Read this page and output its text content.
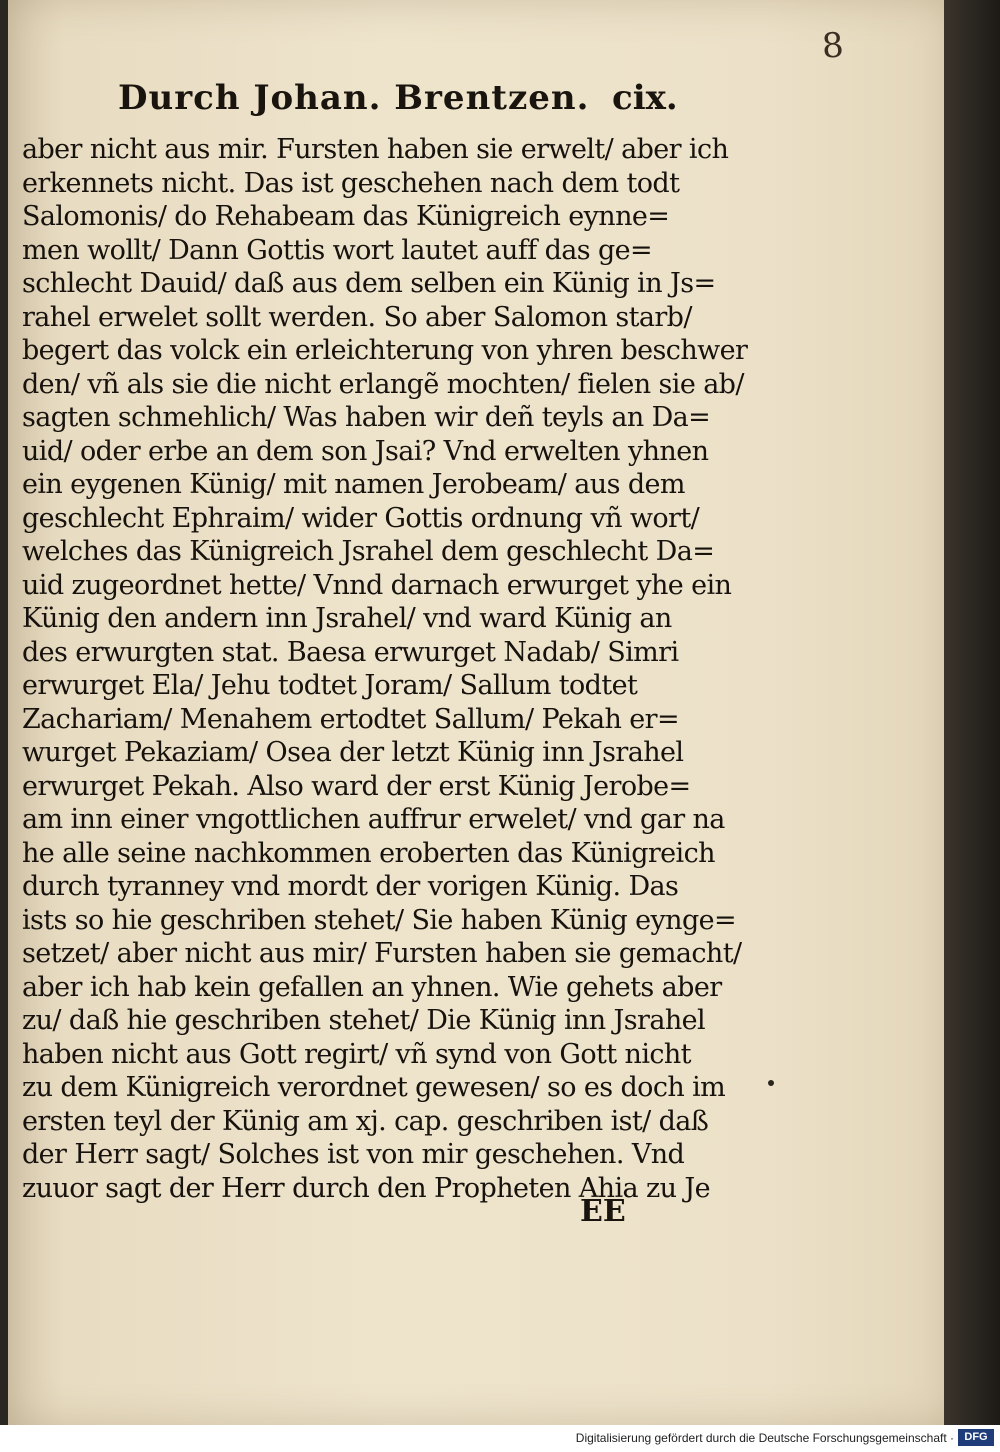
8
Durch Johan. Brentzen. cix.
aber nicht aus mir. Fursten haben sie erwelt/ aber ich
erkennets nicht. Das ist geschehen nach dem todt
Salomonis/ do Rehabeam das Künigreich eynne=
men wollt/ Dann Gottis wort lautet auff das ge=
schlecht Dauid/ daß aus dem selben ein Künig in Js=
rahel erwelet sollt werden. So aber Salomon starb/
begert das volck ein erleichterung von yhren beschwer
den/ vñ als sie die nicht erlangẽ mochten/ fielen sie ab/
sagten schmehlich/ Was haben wir deñ teyls an Da=
uid/ oder erbe an dem son Jsai? Vnd erwelten yhnen
ein eygenen Künig/ mit namen Jerobeam/ aus dem
geschlecht Ephraim/ wider Gottis ordnung vñ wort/
welches das Künigreich Jsrahel dem geschlecht Da=
uid zugeordnet hette/ Vnnd darnach erwurget yhe ein
Künig den andern inn Jsrahel/ vnd ward Künig an
des erwurgten stat. Baesa erwurget Nadab/ Simri
erwurget Ela/ Jehu todtet Joram/ Sallum todtet
Zachariam/ Menahem ertodtet Sallum/ Pekah er=
wurget Pekaziam/ Osea der letzt Künig inn Jsrahel
erwurget Pekah. Also ward der erst Künig Jerobe=
am inn einer vngottlichen auffrur erwelet/ vnd gar na
he alle seine nachkommen eroberten das Künigreich
durch tyranney vnd mordt der vorigen Künig. Das
ists so hie geschriben stehet/ Sie haben Künig eynge=
setzet/ aber nicht aus mir/ Fursten haben sie gemacht/
aber ich hab kein gefallen an yhnen. Wie gehets aber
zu/ daß hie geschriben stehet/ Die Künig inn Jsrahel
haben nicht aus Gott regirt/ vñ synd von Gott nicht
zu dem Künigreich verordnet gewesen/ so es doch im
ersten teyl der Künig am xj. cap. geschriben ist/ daß
der Herr sagt/ Solches ist von mir geschehen. Vnd
zuuor sagt der Herr durch den Propheten Ahia zu Je
EE
Digitalisierung gefördert durch die Deutsche Forschungsgemeinschaft · DFG
